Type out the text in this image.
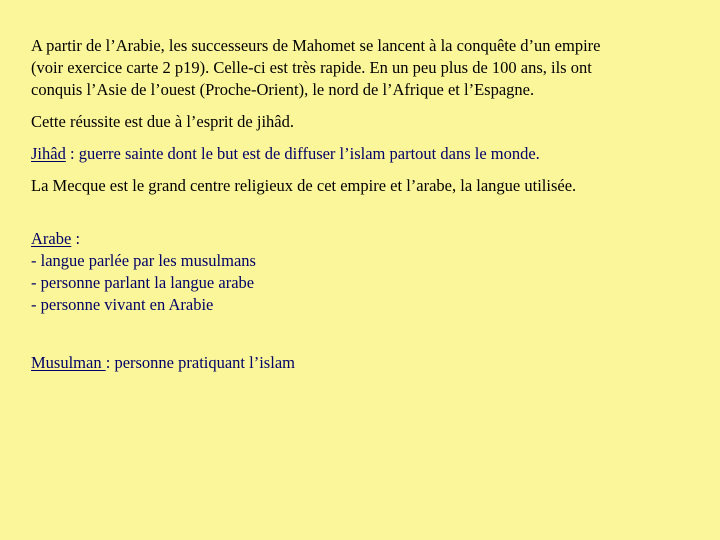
A partir de l’Arabie, les successeurs de Mahomet se lancent à la conquête d’un empire
(voir exercice carte 2 p19). Celle-ci est très rapide. En un peu plus de 100 ans, ils ont
conquis l’Asie de l’ouest (Proche-Orient), le nord de l’Afrique et l’Espagne.
Cette réussite est due à l’esprit de jihâd.
Jihâd : guerre sainte dont le but est de diffuser l’islam partout dans le monde.
La Mecque est le grand centre religieux de cet empire et l’arabe, la langue utilisée.
Arabe :
- langue parlée par les musulmans
- personne parlant la langue arabe
- personne vivant en Arabie
Musulman : personne pratiquant l’islam
